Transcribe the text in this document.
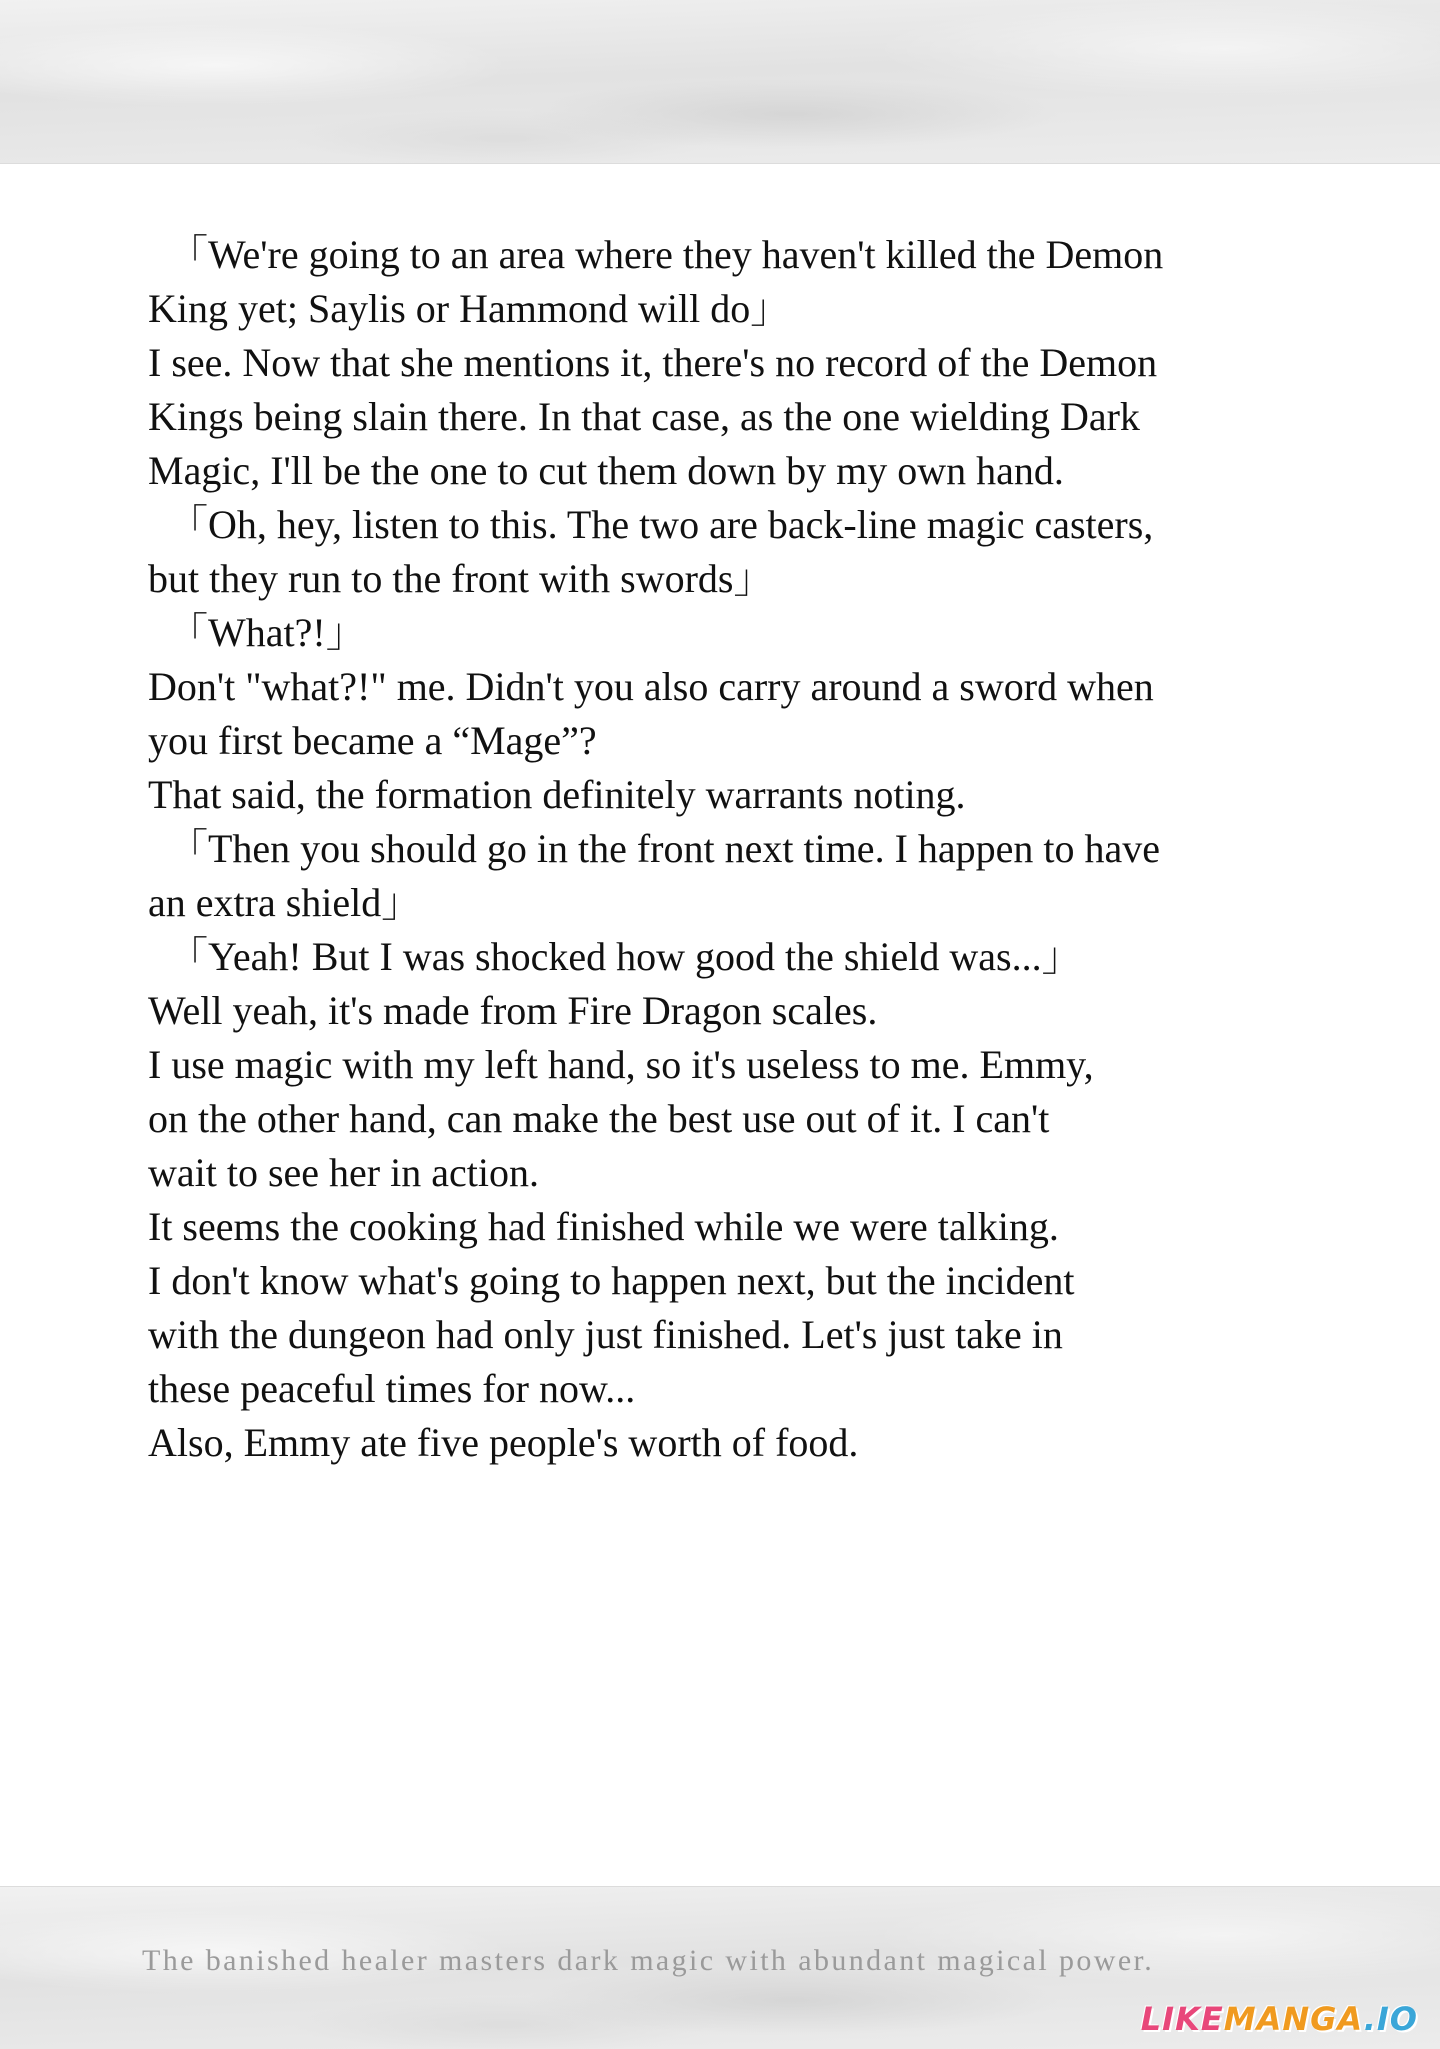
「We're going to an area where they haven't killed the Demon
King yet; Saylis or Hammond will do」
I see. Now that she mentions it, there's no record of the Demon
Kings being slain there. In that case, as the one wielding Dark
Magic, I'll be the one to cut them down by my own hand.
「Oh, hey, listen to this. The two are back-line magic casters,
but they run to the front with swords」
「What?!」
Don't "what?!" me. Didn't you also carry around a sword when
you first became a “Mage”?
That said, the formation definitely warrants noting.
「Then you should go in the front next time. I happen to have
an extra shield」
「Yeah! But I was shocked how good the shield was...」
Well yeah, it's made from Fire Dragon scales.
I use magic with my left hand, so it's useless to me. Emmy,
on the other hand, can make the best use out of it. I can't
wait to see her in action.
It seems the cooking had finished while we were talking.
I don't know what's going to happen next, but the incident
with the dungeon had only just finished. Let's just take in
these peaceful times for now...
Also, Emmy ate five people's worth of food.
The banished healer masters dark magic with abundant magical power.
LIKEMANGA.IO
